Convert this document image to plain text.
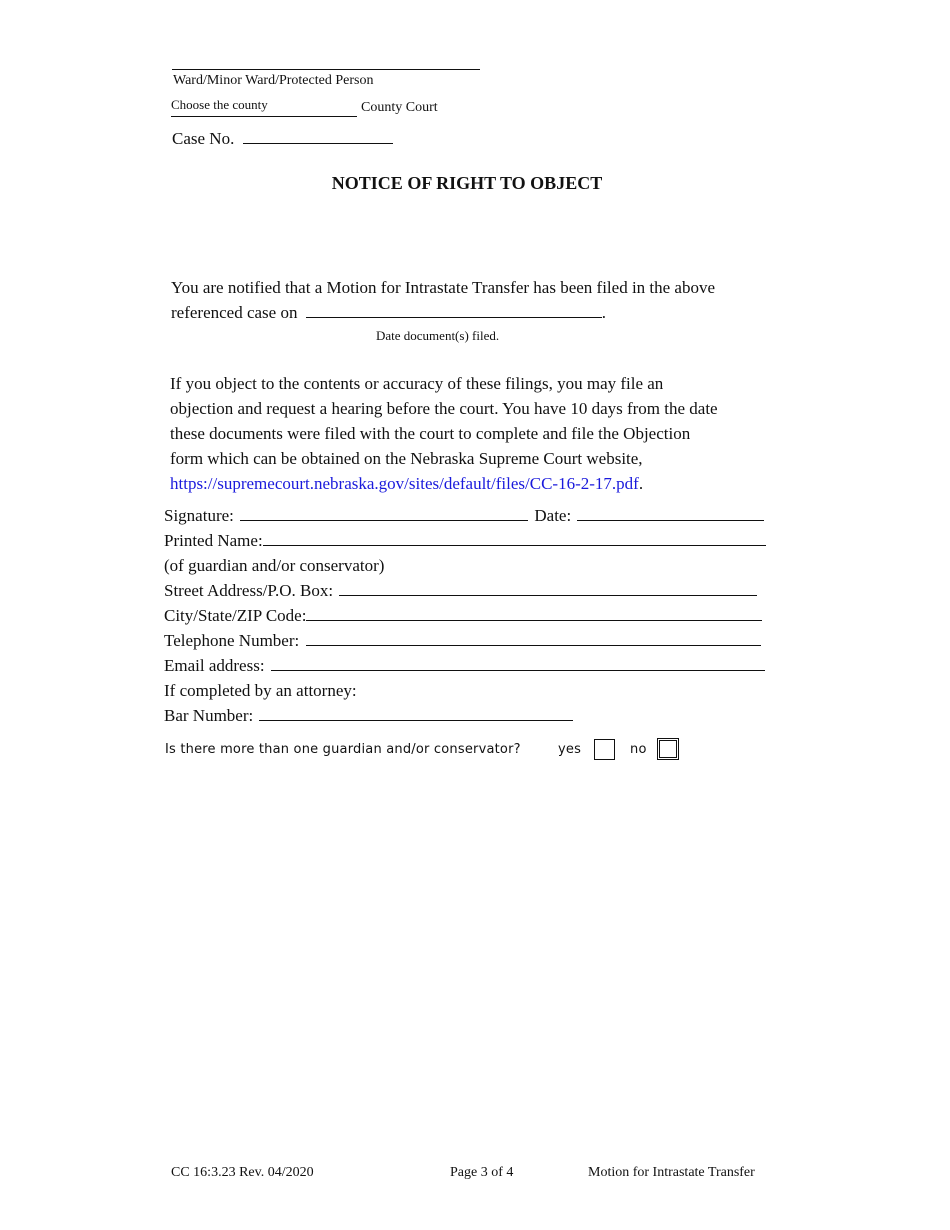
Ward/Minor Ward/Protected Person
Choose the county	County Court
Case No.
NOTICE OF RIGHT TO OBJECT
You are notified that a Motion for Intrastate Transfer has been filed in the above
referenced case on	.
Date document(s) filed.
If you object to the contents or accuracy of these filings, you may file an
objection and request a hearing before the court. You have 10 days from the date
these documents were filed with the court to complete and file the Objection
form which can be obtained on the Nebraska Supreme Court website,
https://supremecourt.nebraska.gov/sites/default/files/CC-16-2-17.pdf.
Signature:	Date:
Printed Name:
(of guardian and/or conservator)
Street Address/P.O. Box:
City/State/ZIP Code:
Telephone Number:
Email address:
If completed by an attorney:
Bar Number:
Is there more than one guardian and/or conservator?	yes	no
CC 16:3.23 Rev. 04/2020	Page 3 of 4	Motion for Intrastate Transfer
